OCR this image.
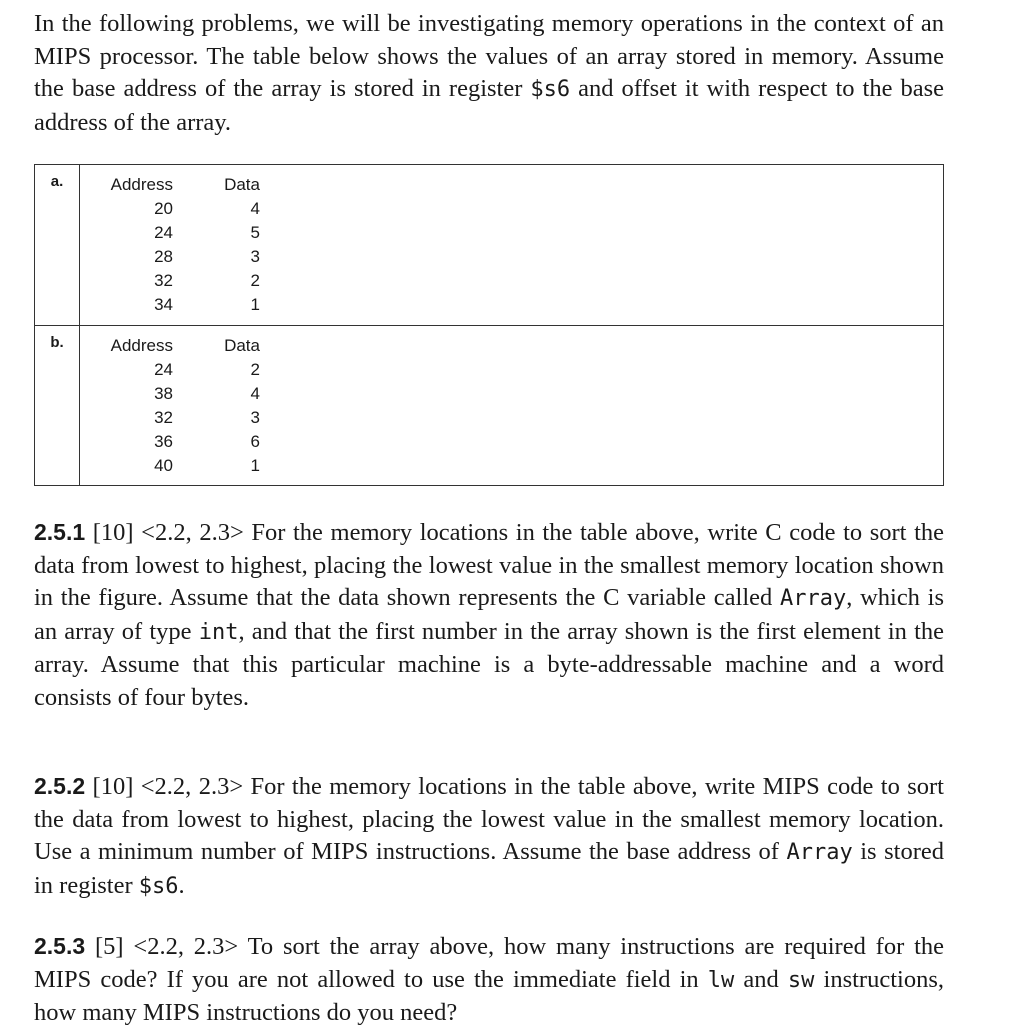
In the following problems, we will be investigating memory operations in the context of an MIPS processor. The table below shows the values of an array stored in memory. Assume the base address of the array is stored in register $s6 and offset it with respect to the base address of the array.

a.	Address
20
24
28
32
34
Data
4
5
3
2
1
b.	Address
24
38
32
36
40
Data
2
4
3
6
1

2.5.1 [10] <2.2, 2.3> For the memory locations in the table above, write C code to sort the data from lowest to highest, placing the lowest value in the smallest memory location shown in the figure. Assume that the data shown represents the C variable called Array, which is an array of type int, and that the first number in the array shown is the first element in the array. Assume that this particular machine is a byte-addressable machine and a word consists of four bytes.

2.5.2 [10] <2.2, 2.3> For the memory locations in the table above, write MIPS code to sort the data from lowest to highest, placing the lowest value in the smallest memory location. Use a minimum number of MIPS instructions. Assume the base address of Array is stored in register $s6.

2.5.3 [5] <2.2, 2.3> To sort the array above, how many instructions are required for the MIPS code? If you are not allowed to use the immediate field in lw and sw instructions, how many MIPS instructions do you need?
